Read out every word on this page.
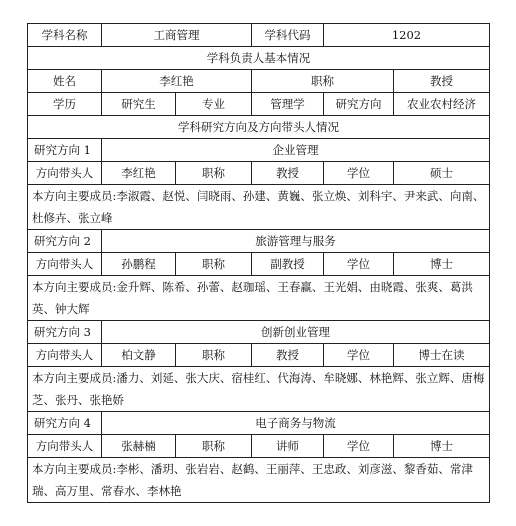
学科名称	工商管理		学科代码	1202	
学科负责人基本情况					
姓名	李红艳		职称		教授
学历	研究生	专业	管理学	研究方向	农业农村经济
学科研究方向及方向带头人情况					
研究方向 1	企业管理				
方向带头人	李红艳	职称	教授	学位	硕士
本方向主要成员:李淑霞、赵悦、闫晓雨、孙建、黄巍、张立焕、刘科宇、尹来武、向南、杜修卉、张立峰					
研究方向 2	旅游管理与服务				
方向带头人	孙鹏程	职称	副教授	学位	博士
本方向主要成员:金升辉、陈希、孙蕾、赵珈瑶、王春赢、王光娟、由晓霞、张爽、葛洪英、钟大辉					
研究方向 3	创新创业管理				
方向带头人	柏文静	职称	教授	学位	博士在读
本方向主要成员:潘力、刘延、张大庆、宿桂红、代海涛、牟晓娜、林艳辉、张立辉、唐梅芝、张丹、张艳娇					
研究方向 4	电子商务与物流				
方向带头人	张赫楠	职称	讲师	学位	博士
本方向主要成员:李彬、潘玥、张岩岩、赵鹤、王丽萍、王忠政、刘彦滋、黎香茹、常津瑞、高万里、常春水、李林艳					
